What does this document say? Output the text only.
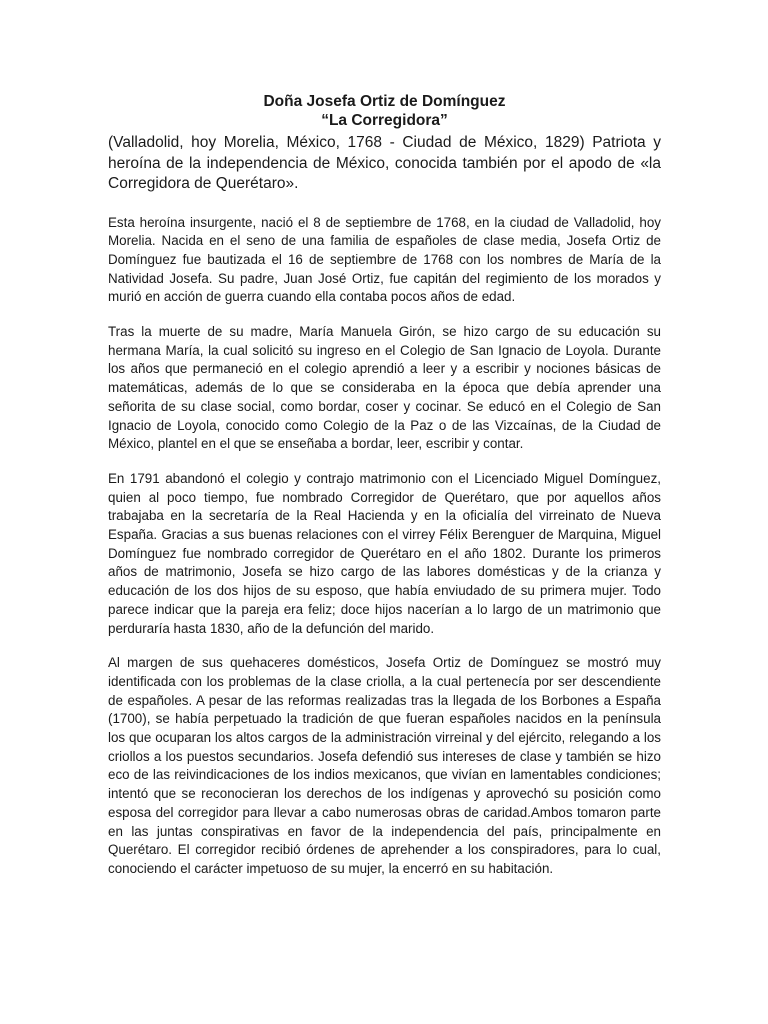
Doña Josefa Ortiz de Domínguez
“La Corregidora”

(Valladolid, hoy Morelia, México, 1768 - Ciudad de México, 1829) Patriota y heroína de la independencia de México, conocida también por el apodo de «la Corregidora de Querétaro».

Esta heroína insurgente, nació el 8 de septiembre de 1768, en la ciudad de Valladolid, hoy Morelia. Nacida en el seno de una familia de españoles de clase media, Josefa Ortiz de Domínguez fue bautizada el 16 de septiembre de 1768 con los nombres de María de la Natividad Josefa. Su padre, Juan José Ortiz, fue capitán del regimiento de los morados y murió en acción de guerra cuando ella contaba pocos años de edad.

Tras la muerte de su madre, María Manuela Girón, se hizo cargo de su educación su hermana María, la cual solicitó su ingreso en el Colegio de San Ignacio de Loyola. Durante los años que permaneció en el colegio aprendió a leer y a escribir y nociones básicas de matemáticas, además de lo que se consideraba en la época que debía aprender una señorita de su clase social, como bordar, coser y cocinar. Se educó en el Colegio de San Ignacio de Loyola, conocido como Colegio de la Paz o de las Vizcaínas, de la Ciudad de México, plantel en el que se enseñaba a bordar, leer, escribir y contar.

En 1791 abandonó el colegio y contrajo matrimonio con el Licenciado Miguel Domínguez, quien al poco tiempo, fue nombrado Corregidor de Querétaro, que por aquellos años trabajaba en la secretaría de la Real Hacienda y en la oficialía del virreinato de Nueva España. Gracias a sus buenas relaciones con el virrey Félix Berenguer de Marquina, Miguel Domínguez fue nombrado corregidor de Querétaro en el año 1802. Durante los primeros años de matrimonio, Josefa se hizo cargo de las labores domésticas y de la crianza y educación de los dos hijos de su esposo, que había enviudado de su primera mujer. Todo parece indicar que la pareja era feliz; doce hijos nacerían a lo largo de un matrimonio que perduraría hasta 1830, año de la defunción del marido.

Al margen de sus quehaceres domésticos, Josefa Ortiz de Domínguez se mostró muy identificada con los problemas de la clase criolla, a la cual pertenecía por ser descendiente de españoles. A pesar de las reformas realizadas tras la llegada de los Borbones a España (1700), se había perpetuado la tradición de que fueran españoles nacidos en la península los que ocuparan los altos cargos de la administración virreinal y del ejército, relegando a los criollos a los puestos secundarios. Josefa defendió sus intereses de clase y también se hizo eco de las reivindicaciones de los indios mexicanos, que vivían en lamentables condiciones; intentó que se reconocieran los derechos de los indígenas y aprovechó su posición como esposa del corregidor para llevar a cabo numerosas obras de caridad.Ambos tomaron parte en las juntas conspirativas en favor de la independencia del país, principalmente en Querétaro. El corregidor recibió órdenes de aprehender a los conspiradores, para lo cual, conociendo el carácter impetuoso de su mujer, la encerró en su habitación.
